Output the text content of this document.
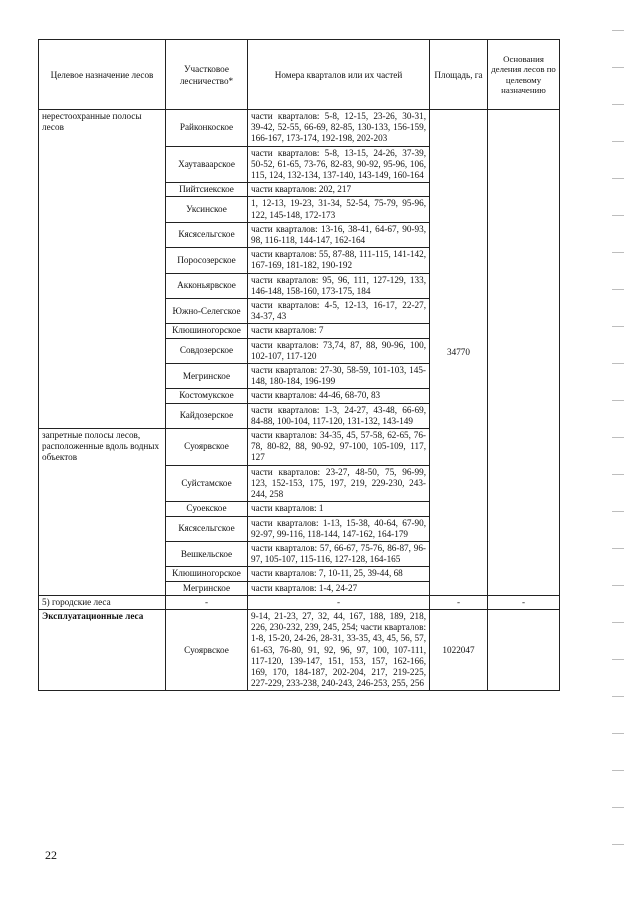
Целевое назначение лесов	Участковое лесничество*	Номера кварталов или их частей	Площадь, га	Основания деления лесов по целевому назначению
нерестоохранные полосы лесов	Райконкоское	части кварталов: 5-8, 12-15, 23-26, 30-31, 39-42, 52-55, 66-69, 82-85, 130-133, 156-159, 166-167, 173-174, 192-198, 202-203	34770	
	Хаутаваарское	части кварталов: 5-8, 13-15, 24-26, 37-39, 50-52, 61-65, 73-76, 82-83, 90-92, 95-96, 106, 115, 124, 132-134, 137-140, 143-149, 160-164		
	Пийтсиекское	части кварталов: 202, 217		
	Уксинское	1, 12-13, 19-23, 31-34, 52-54, 75-79, 95-96, 122, 145-148, 172-173		
	Кясясельгское	части кварталов: 13-16, 38-41, 64-67, 90-93, 98, 116-118, 144-147, 162-164		
	Поросозерское	части кварталов: 55, 87-88, 111-115, 141-142, 167-169, 181-182, 190-192		
	Акконьярвское	части кварталов: 95, 96, 111, 127-129, 133, 146-148, 158-160, 173-175, 184		
	Южно-Селегское	части кварталов: 4-5, 12-13, 16-17, 22-27, 34-37, 43		
	Клюшиногорское	части кварталов: 7		
	Совдозерское	части кварталов: 73,74, 87, 88, 90-96, 100, 102-107, 117-120		
	Мегринское	части кварталов: 27-30, 58-59, 101-103, 145-148, 180-184, 196-199		
	Костомукское	части кварталов: 44-46, 68-70, 83		
	Кайдозерское	части кварталов: 1-3, 24-27, 43-48, 66-69, 84-88, 100-104, 117-120, 131-132, 143-149		
запретные полосы лесов, расположенные вдоль водных объектов	Суоярвское	части кварталов: 34-35, 45, 57-58, 62-65, 76-78, 80-82, 88, 90-92, 97-100, 105-109, 117, 127		
	Суйстамское	части кварталов: 23-27, 48-50, 75, 96-99, 123, 152-153, 175, 197, 219, 229-230, 243-244, 258		
	Суоекское	части кварталов: 1		
	Кясясельгское	части кварталов: 1-13, 15-38, 40-64, 67-90, 92-97, 99-116, 118-144, 147-162, 164-179		
	Вешкельское	части кварталов: 57, 66-67, 75-76, 86-87, 96-97, 105-107, 115-116, 127-128, 164-165		
	Клюшиногорское	части кварталов: 7, 10-11, 25, 39-44, 68		
	Мегринское	части кварталов: 1-4, 24-27		
5) городские леса	-	-	-	-
Эксплуатационные леса	Суоярвское	9-14, 21-23, 27, 32, 44, 167, 188, 189, 218, 226, 230-232, 239, 245, 254; части кварталов: 1-8, 15-20, 24-26, 28-31, 33-35, 43, 45, 56, 57, 61-63, 76-80, 91, 92, 96, 97, 100, 107-111, 117-120, 139-147, 151, 153, 157, 162-166, 169, 170, 184-187, 202-204, 217, 219-225, 227-229, 233-238, 240-243, 246-253, 255, 256	1022047	
22
